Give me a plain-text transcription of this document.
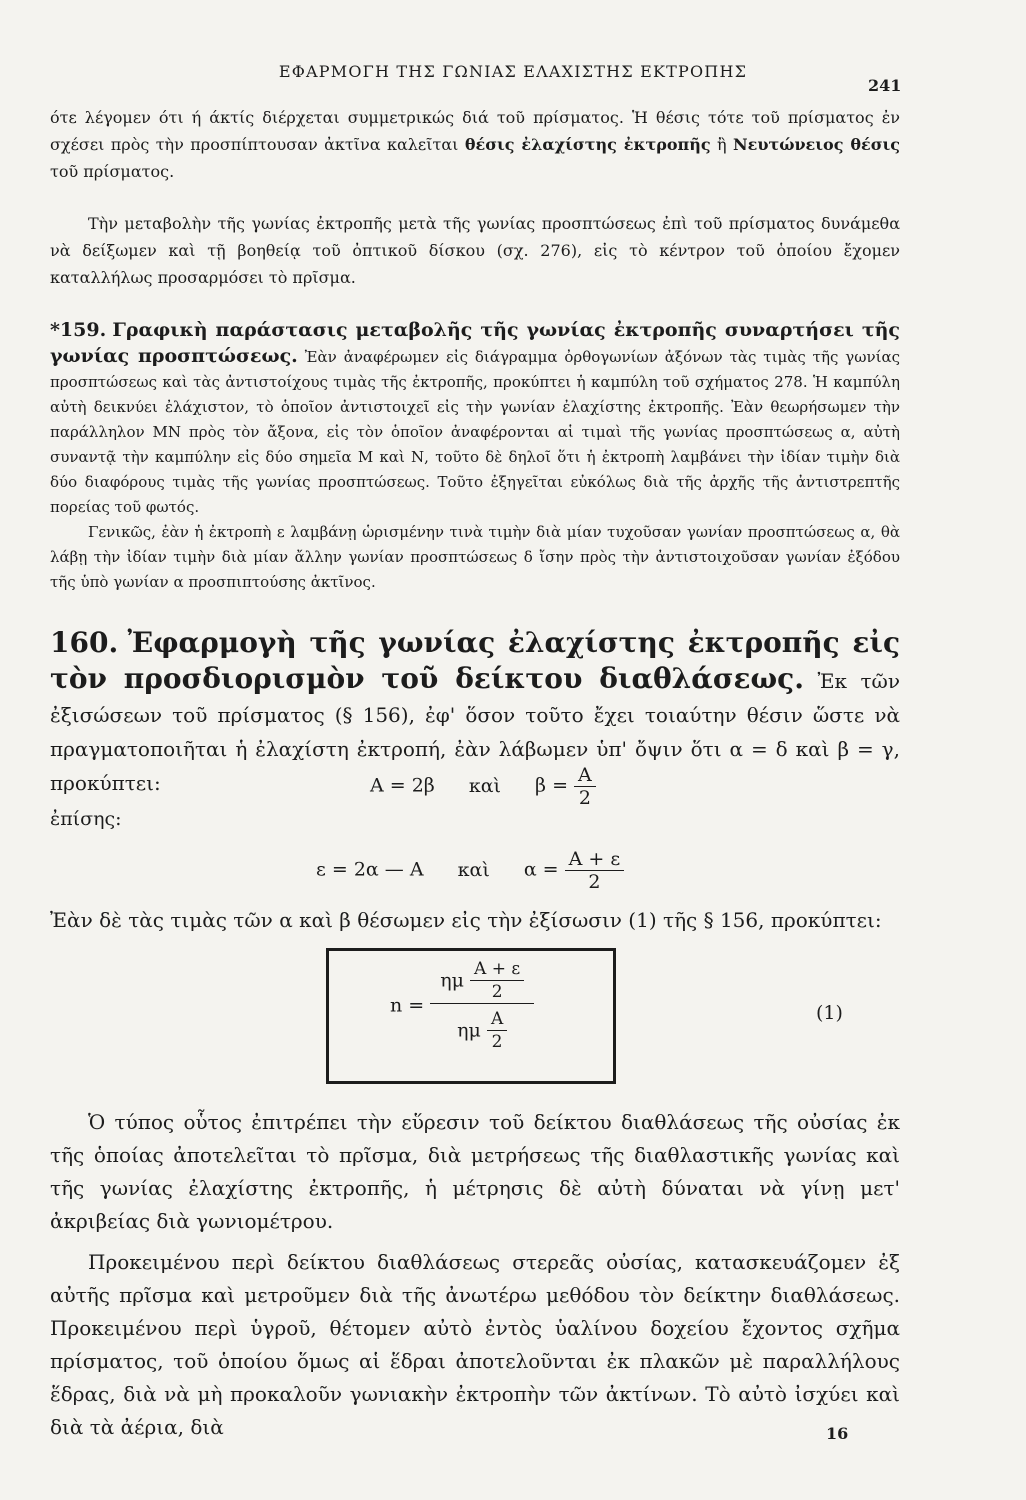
ΕΦΑΡΜΟΓΗ ΤΗΣ ΓΩΝΙΑΣ ΕΛΑΧΙΣΤΗΣ ΕΚΤΡΟΠΗΣ
241

ότε λέγομεν ότι ή άκτίς διέρχεται συμμετρικώς διά τοῦ πρίσματος. Ἡ θέσις τότε τοῦ πρίσματος ἐν σχέσει πρὸς τὴν προσπίπτουσαν ἀκτῖνα καλεῖται θέσις ἐλαχίστης ἐκτροπῆς ἢ Νευτώνειος θέσις τοῦ πρίσματος.

Τὴν μεταβολὴν τῆς γωνίας ἐκτροπῆς μετὰ τῆς γωνίας προσπτώσεως ἐπὶ τοῦ πρίσματος δυνάμεθα νὰ δείξωμεν καὶ τῇ βοηθείᾳ τοῦ ὀπτικοῦ δίσκου (σχ. 276), εἰς τὸ κέντρον τοῦ ὁποίου ἔχομεν καταλλήλως προσαρμόσει τὸ πρῖσμα.

*159. Γραφικὴ παράστασις μεταβολῆς τῆς γωνίας ἐκτροπῆς συναρτήσει τῆς γωνίας προσπτώσεως. Ἐὰν ἀναφέρωμεν εἰς διάγραμμα ὀρθογωνίων ἀξόνων τὰς τιμὰς τῆς γωνίας προσπτώσεως καὶ τὰς ἀντιστοίχους τιμὰς τῆς ἐκτροπῆς, προκύπτει ἡ καμπύλη τοῦ σχήματος 278. Ἡ καμπύλη αὐτὴ δεικνύει ἐλάχιστον, τὸ ὁποῖον ἀντιστοιχεῖ εἰς τὴν γωνίαν ἐλαχίστης ἐκτροπῆς. Ἐὰν θεωρήσωμεν τὴν παράλληλον ΜΝ πρὸς τὸν ἄξονα, εἰς τὸν ὁποῖον ἀναφέρονται αἱ τιμαὶ τῆς γωνίας προσπτώσεως α, αὐτὴ συναντᾷ τὴν καμπύλην εἰς δύο σημεῖα Μ καὶ Ν, τοῦτο δὲ δηλοῖ ὅτι ἡ ἐκτροπὴ λαμβάνει τὴν ἰδίαν τιμὴν διὰ δύο διαφόρους τιμὰς τῆς γωνίας προσπτώσεως. Τοῦτο ἐξηγεῖται εὐκόλως διὰ τῆς ἀρχῆς τῆς ἀντιστρεπτῆς πορείας τοῦ φωτός.

Γενικῶς, ἐὰν ἡ ἐκτροπὴ ε λαμβάνῃ ὡρισμένην τινὰ τιμὴν διὰ μίαν τυχοῦσαν γωνίαν προσπτώσεως α, θὰ λάβῃ τὴν ἰδίαν τιμὴν διὰ μίαν ἄλλην γωνίαν προσπτώσεως δ ἴσην πρὸς τὴν ἀντιστοιχοῦσαν γωνίαν ἐξόδου τῆς ὑπὸ γωνίαν α προσπιπτούσης ἀκτῖνος.

160. Ἐφαρμογὴ τῆς γωνίας ἐλαχίστης ἐκτροπῆς εἰς τὸν προσδιορισμὸν τοῦ δείκτου διαθλάσεως. Ἐκ τῶν ἐξισώσεων τοῦ πρίσματος (§ 156), ἐφ' ὅσον τοῦτο ἔχει τοιαύτην θέσιν ὥστε νὰ πραγματοποιῆται ἡ ἐλαχίστη ἐκτροπή, ἐὰν λάβωμεν ὑπ' ὄψιν ὅτι α = δ καὶ β = γ, προκύπτει:	A = 2β καὶ $\beta = \frac{A}{2}$
ἐπίσης:
ε = 2α — A καὶ $\alpha = \frac{A + \varepsilon}{2}$

Ἐὰν δὲ τὰς τιμὰς τῶν α καὶ β θέσωμεν εἰς τὴν ἐξίσωσιν (1) τῆς § 156, προκύπτει:

$n = \frac{\eta\mu \frac{A + \varepsilon}{2}}{\eta\mu \frac{A}{2}}$	(1)

Ὁ τύπος οὗτος ἐπιτρέπει τὴν εὕρεσιν τοῦ δείκτου διαθλάσεως τῆς οὐσίας ἐκ τῆς ὁποίας ἀποτελεῖται τὸ πρῖσμα, διὰ μετρήσεως τῆς διαθλαστικῆς γωνίας καὶ τῆς γωνίας ἐλαχίστης ἐκτροπῆς, ἡ μέτρησις δὲ αὐτὴ δύναται νὰ γίνῃ μετ' ἀκριβείας διὰ γωνιομέτρου.

Προκειμένου περὶ δείκτου διαθλάσεως στερεᾶς οὐσίας, κατασκευάζομεν ἐξ αὐτῆς πρῖσμα καὶ μετροῦμεν διὰ τῆς ἀνωτέρω μεθόδου τὸν δείκτην διαθλάσεως. Προκειμένου περὶ ὑγροῦ, θέτομεν αὐτὸ ἐντὸς ὑαλίνου δοχείου ἔχοντος σχῆμα πρίσματος, τοῦ ὁποίου ὅμως αἱ ἕδραι ἀποτελοῦνται ἐκ πλακῶν μὲ παραλλήλους ἕδρας, διὰ νὰ μὴ προκαλοῦν γωνιακὴν ἐκτροπὴν τῶν ἀκτίνων. Τὸ αὐτὸ ἰσχύει καὶ διὰ τὰ ἀέρια, διὰ	16
